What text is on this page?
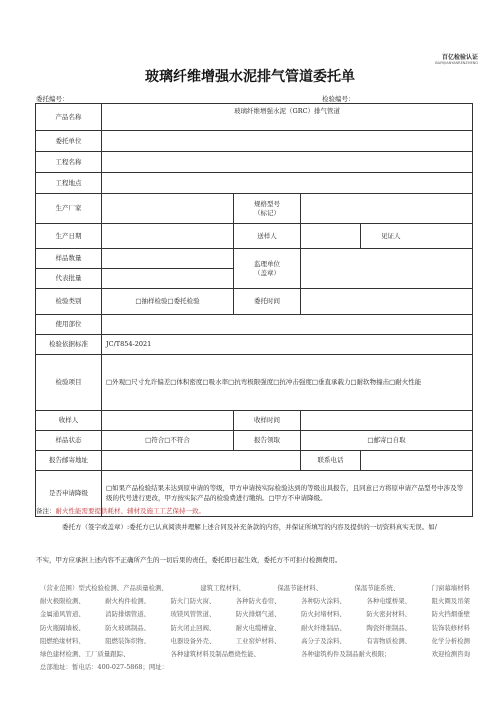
百亿检验认证
BAIYIJIANYANRENZHENG
玻璃纤维增强水泥排气管道委托单
委托编号：	检验编号：
产品名称	玻璃纤维增强水泥（GRC）排气管道			
委托单位				
工程名称				
工程地点				
生产厂家		规格型号
（标记）		

生产日期		送样人		见证人
样品数量		监理单位
（盖章）		

代表批量				
检验类别	□抽样检验□委托检验	委托时间		
使用部位				
检验依据标准	JC/T854-2021			
检验项目	□外观□尺寸允许偏差□体积密度□吸水率□抗弯极限强度□抗冲击强度□垂直承载力□耐软物撞击□耐火性能			
收样人		收样时间		
样品状态	□符合□不符合	报告领取	□邮寄□自取	
报告邮寄地址			联系电话	
是否申请降级	□如果产品检验结果未达到原申请的等级，甲方申请按实际检验达到的等级出具报告，且同意已方将原申请产品型号中涉及等级的代号进行更改，甲方按实际产品的检验费进行缴纳。□甲方不申请降级。			
备注：耐火性能需要提供耗材、辅材及施工工艺保持一致。
委托方（签字或盖章）:委托方已认真阅读并理解上述合同及补充条款的内容，并保证所填写的内容及提供的一切资料真实无误。如/
不实，甲方应承担上述内容不正确所产生的一切后果的责任，委托即日起生效，委托方不可拒付检测费用。
（营业范围）型式检验检测、产品质量检测、	建筑工程材料、	保温节能材料、	保温节能系统、	门窗幕墙材料
耐火极限检测、	耐火构件检测、	防火门防火窗、	各种防火卷帘、	各种防火涂料、	各种电缆桥架、	阻火圈及吊架
金属通风管道、	消防排烟管道、	玻镁风管管道、	防火排烟气道、	防火封堵材料、	防火密封材料、	防火挡烟垂壁
防火瓶隔墙板、	防火玻璃制品、	防火闭止回阀、	耐火电缆槽盒、	耐火纤维制品、	陶瓷纤维制品、	装饰装修材料
阻燃绝缘材料、	阻燃装饰织物、	电器设备外壳、	工业窑炉材料、	高分子及涂料、	有害物质检测、	化学分析检测
绿色建材检测、工厂质量跟踪、	各种建筑材料及制品燃烧性能、	各种建筑构件及制品耐火极限；	欢迎检测咨询
总部地址：暂电话：400-027-5868；网址：
